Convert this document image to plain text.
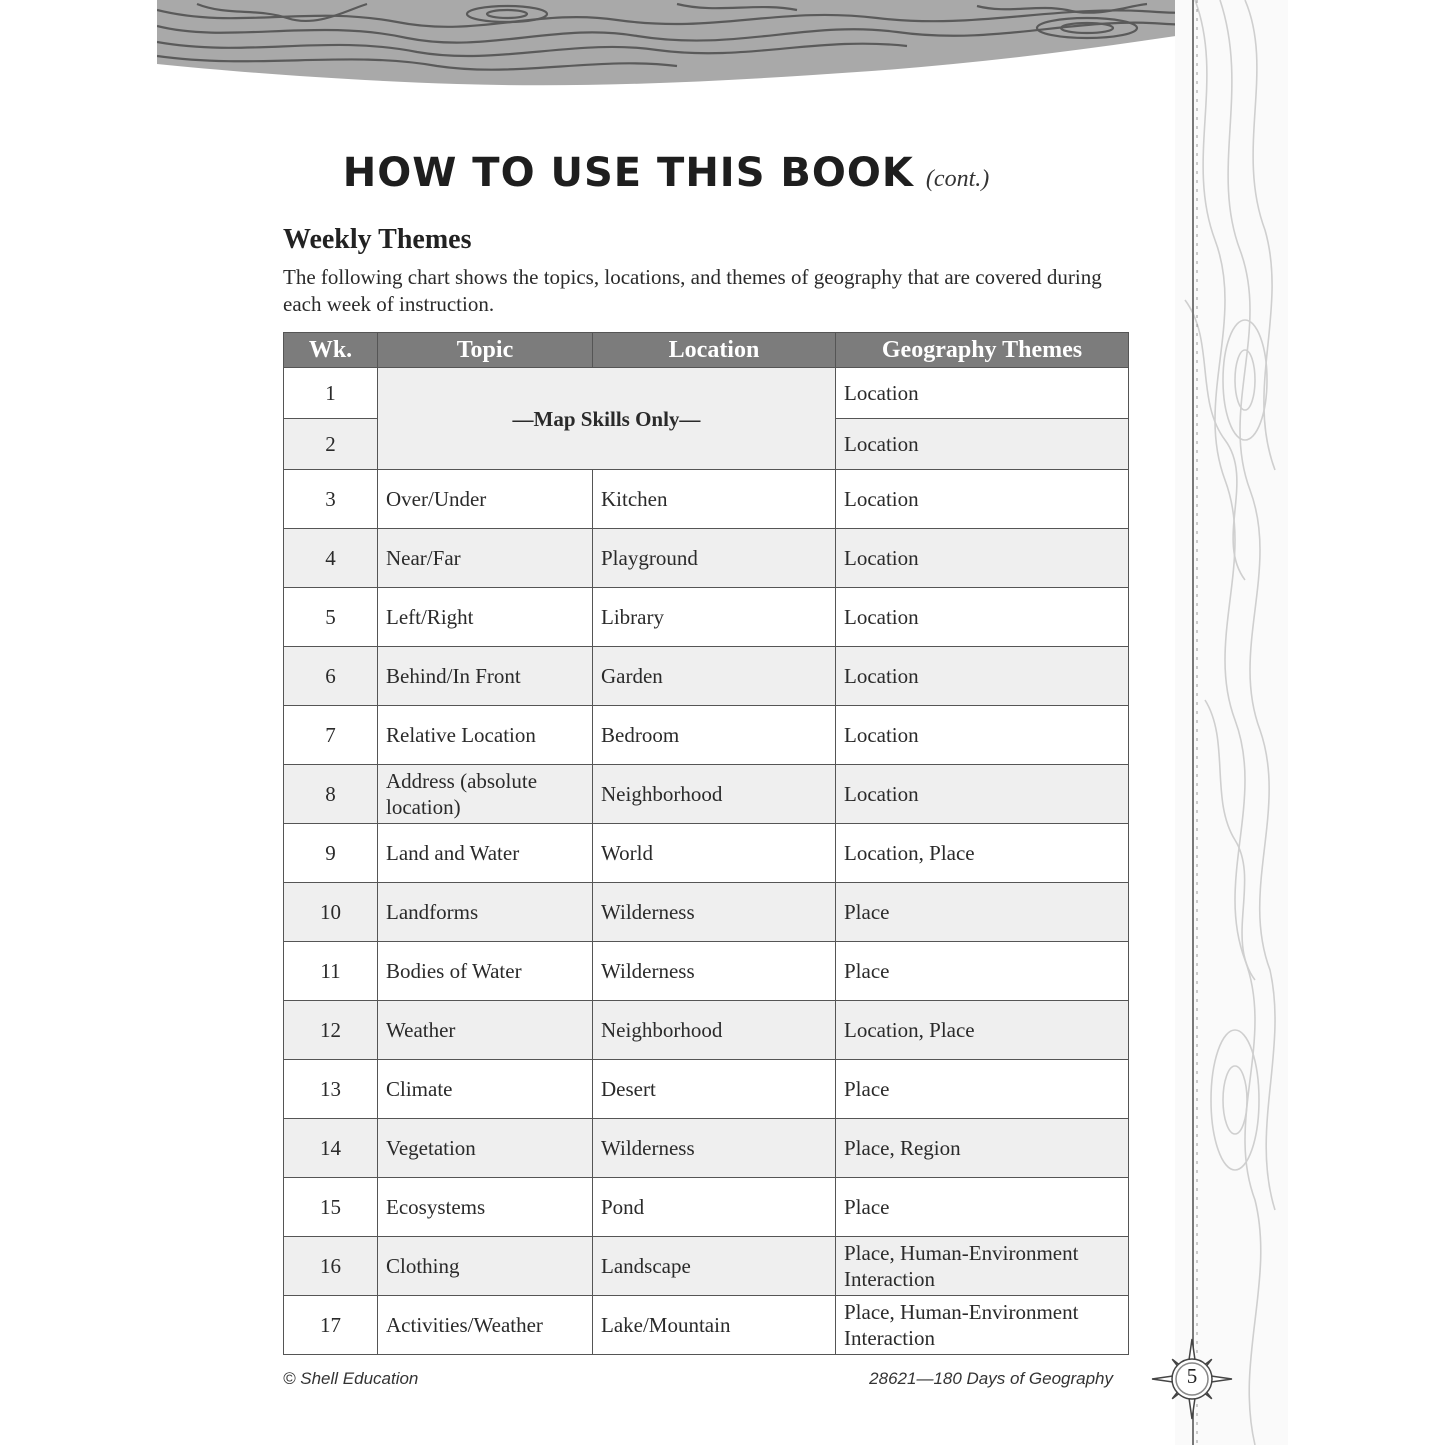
HOW TO USE THIS BOOK (cont.)
Weekly Themes
The following chart shows the topics, locations, and themes of geography that are covered during each week of instruction.
Wk.	Topic	Location	Geography Themes
1	—Map Skills Only—		Location
2			Location
3	Over/Under	Kitchen	Location
4	Near/Far	Playground	Location
5	Left/Right	Library	Location
6	Behind/In Front	Garden	Location
7	Relative Location	Bedroom	Location
8	Address (absolute location)	Neighborhood	Location
9	Land and Water	World	Location, Place
10	Landforms	Wilderness	Place
11	Bodies of Water	Wilderness	Place
12	Weather	Neighborhood	Location, Place
13	Climate	Desert	Place
14	Vegetation	Wilderness	Place, Region
15	Ecosystems	Pond	Place
16	Clothing	Landscape	Place, Human-Environment Interaction
17	Activities/Weather	Lake/Mountain	Place, Human-Environment Interaction
© Shell Education	28621—180 Days of Geography	5
